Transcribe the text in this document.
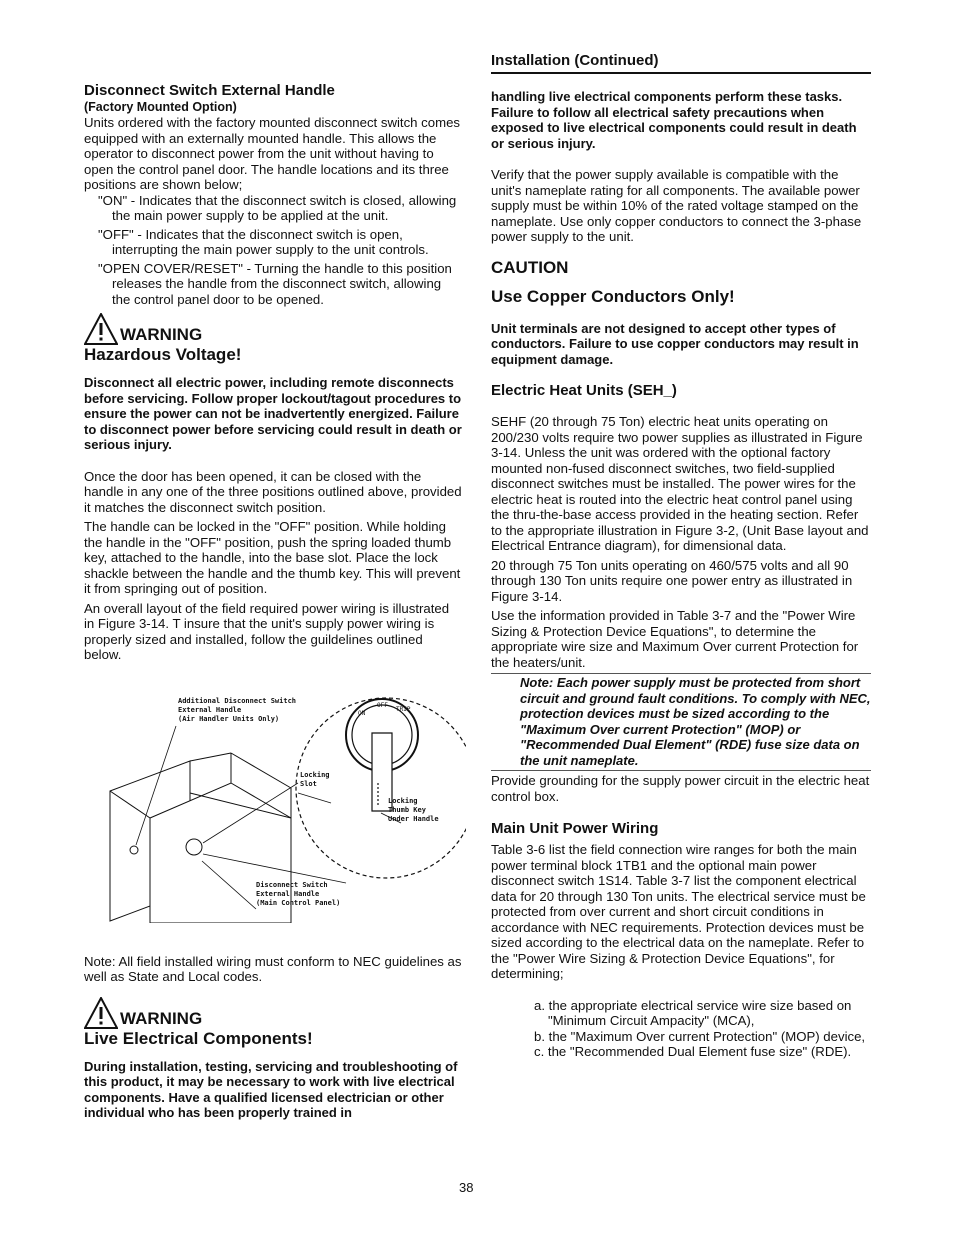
Disconnect Switch External Handle

(Factory Mounted Option)

Units ordered with the factory mounted disconnect switch comes equipped with an externally mounted handle. This allows the operator to disconnect power from the unit without having to open the control panel door. The handle locations and its three positions are shown below;

"ON" - Indicates that the disconnect switch is closed, allowing the main power supply to be applied at the unit.

"OFF" - Indicates that the disconnect switch is open, interrupting the main power supply to the unit controls.

"OPEN COVER/RESET" - Turning the handle to this position releases the handle from the disconnect switch, allowing the control panel door to be opened.

WARNING

Hazardous Voltage!

Disconnect all electric power, including remote disconnects before servicing. Follow proper lockout/tagout procedures to ensure the power can not be inadvertently energized. Failure to disconnect power before servicing could result in death or serious injury.

Once the door has been opened, it can be closed with the handle in any one of the three positions outlined above, provided it matches the disconnect switch position.

The handle can be locked in the "OFF" position. While holding the handle in the "OFF" position, push the spring loaded thumb key, attached to the handle, into the base slot. Place the lock shackle between the handle and the thumb key. This will prevent it from springing out of position.

An overall layout of the field required power wiring is illustrated in Figure 3-14. T insure that the unit's supply power wiring is properly sized and installed, follow the guildelines outlined below.

ON
OFF
TRIP
Additional Disconnect Switch
External Handle
(Air Handler Units Only)
Locking
Slot
Locking
Thumb Key
Under Handle
Disconnect Switch
External Handle
(Main Control Panel)

Note: All field installed wiring must conform to NEC guidelines as well as State and Local codes.

WARNING

Live Electrical Components!

During installation, testing, servicing and troubleshooting of this product, it may be necessary to work with live electrical components. Have a qualified licensed electrician or other individual who has been properly trained in

Installation (Continued)

handling live electrical components perform these tasks. Failure to follow all electrical safety precautions when exposed to live electrical components could result in death or serious injury.

Verify that the power supply available is compatible with the unit's nameplate rating for all components. The available power supply must be within 10% of the rated voltage stamped on the nameplate. Use only copper conductors to connect the 3-phase power supply to the unit.

CAUTION

Use Copper Conductors Only!

Unit terminals are not designed to accept other types of conductors. Failure to use copper conductors may result in equipment damage.

Electric Heat Units (SEH_)

SEHF (20 through 75 Ton) electric heat units operating on 200/230 volts require two power supplies as illustrated in Figure 3-14. Unless the unit was ordered with the optional factory mounted non-fused disconnect switches, two field-supplied disconnect switches must be installed. The power wires for the electric heat is routed into the electric heat control panel using the thru-the-base access provided in the heating section. Refer to the appropriate illustration in Figure 3-2, (Unit Base layout and Electrical Entrance diagram), for dimensional data.

20 through 75 Ton units operating on 460/575 volts and all 90 through 130 Ton units require one power entry as illustrated in Figure 3-14.

Use the information provided in Table 3-7 and the "Power Wire Sizing & Protection Device Equations", to determine the appropriate wire size and Maximum Over current Protection for the heaters/unit.

Note: Each power supply must be protected from short circuit and ground fault conditions. To comply with NEC, protection devices must be sized according to the "Maximum Over current Protection" (MOP) or "Recommended Dual Element" (RDE) fuse size data on the unit nameplate.

Provide grounding for the supply power circuit in the electric heat control box.

Main Unit Power Wiring

Table 3-6 list the field connection wire ranges for both the main power terminal block 1TB1 and the optional main power disconnect switch 1S14. Table 3-7 list the component electrical data for 20 through 130 Ton units. The electrical service must be protected from over current and short circuit conditions in accordance with NEC requirements. Protection devices must be sized according to the electrical data on the nameplate. Refer to the "Power Wire Sizing & Protection Device Equations", for determining;

a. the appropriate electrical service wire size based on "Minimum Circuit Ampacity" (MCA),

b. the "Maximum Over current Protection" (MOP) device,

c. the "Recommended Dual Element fuse size" (RDE).

38
